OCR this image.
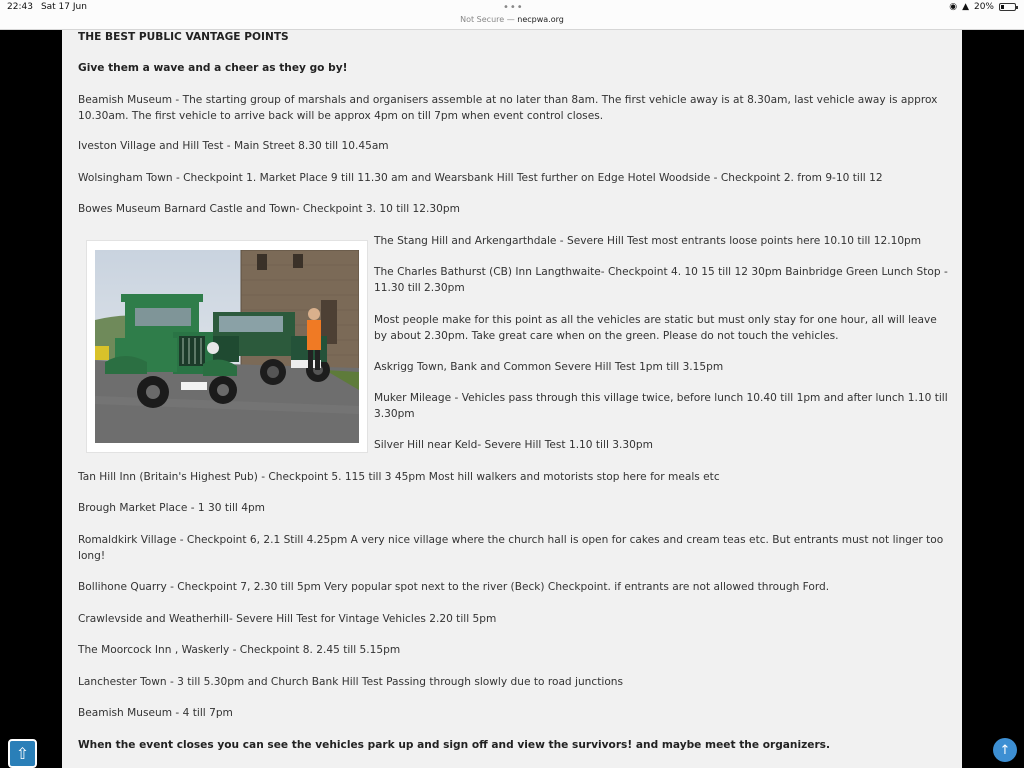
22:43 Sat 17 Jun	•••
Not Secure — necpwa.org
◉ ▲ 20%

THE BEST PUBLIC VANTAGE POINTS

Give them a wave and a cheer as they go by!

Beamish Museum - The starting group of marshals and organisers assemble at no later than 8am. The first vehicle away is at 8.30am, last vehicle away is approx 10.30am. The first vehicle to arrive back will be approx 4pm on till 7pm when event control closes.

Iveston Village and Hill Test - Main Street 8.30 till 10.45am

Wolsingham Town - Checkpoint 1. Market Place 9 till 11.30 am and Wearsbank Hill Test further on Edge Hotel Woodside - Checkpoint 2. from 9-10 till 12

Bowes Museum Barnard Castle and Town- Checkpoint 3. 10 till 12.30pm

The Stang Hill and Arkengarthdale - Severe Hill Test most entrants loose points here 10.10 till 12.10pm

The Charles Bathurst (CB) Inn Langthwaite- Checkpoint 4. 10 15 till 12 30pm Bainbridge Green Lunch Stop - 11.30 till 2.30pm

Most people make for this point as all the vehicles are static but must only stay for one hour, all will leave by about 2.30pm. Take great care when on the green. Please do not touch the vehicles.

Askrigg Town, Bank and Common Severe Hill Test 1pm till 3.15pm

Muker Mileage - Vehicles pass through this village twice, before lunch 10.40 till 1pm and after lunch 1.10 till 3.30pm

Silver Hill near Keld- Severe Hill Test 1.10 till 3.30pm

Tan Hill Inn (Britain's Highest Pub) - Checkpoint 5. 115 till 3 45pm Most hill walkers and motorists stop here for meals etc

Brough Market Place - 1 30 till 4pm

Romaldkirk Village - Checkpoint 6, 2.1 Still 4.25pm A very nice village where the church hall is open for cakes and cream teas etc. But entrants must not linger too long!

Bollihone Quarry - Checkpoint 7, 2.30 till 5pm Very popular spot next to the river (Beck) Checkpoint. if entrants are not allowed through Ford.

Crawlevside and Weatherhill- Severe Hill Test for Vintage Vehicles 2.20 till 5pm

The Moorcock Inn , Waskerly - Checkpoint 8. 2.45 till 5.15pm

Lanchester Town - 3 till 5.30pm and Church Bank Hill Test Passing through slowly due to road junctions

Beamish Museum - 4 till 7pm

When the event closes you can see the vehicles park up and sign off and view the survivors! and maybe meet the organizers.

⇧	↑
